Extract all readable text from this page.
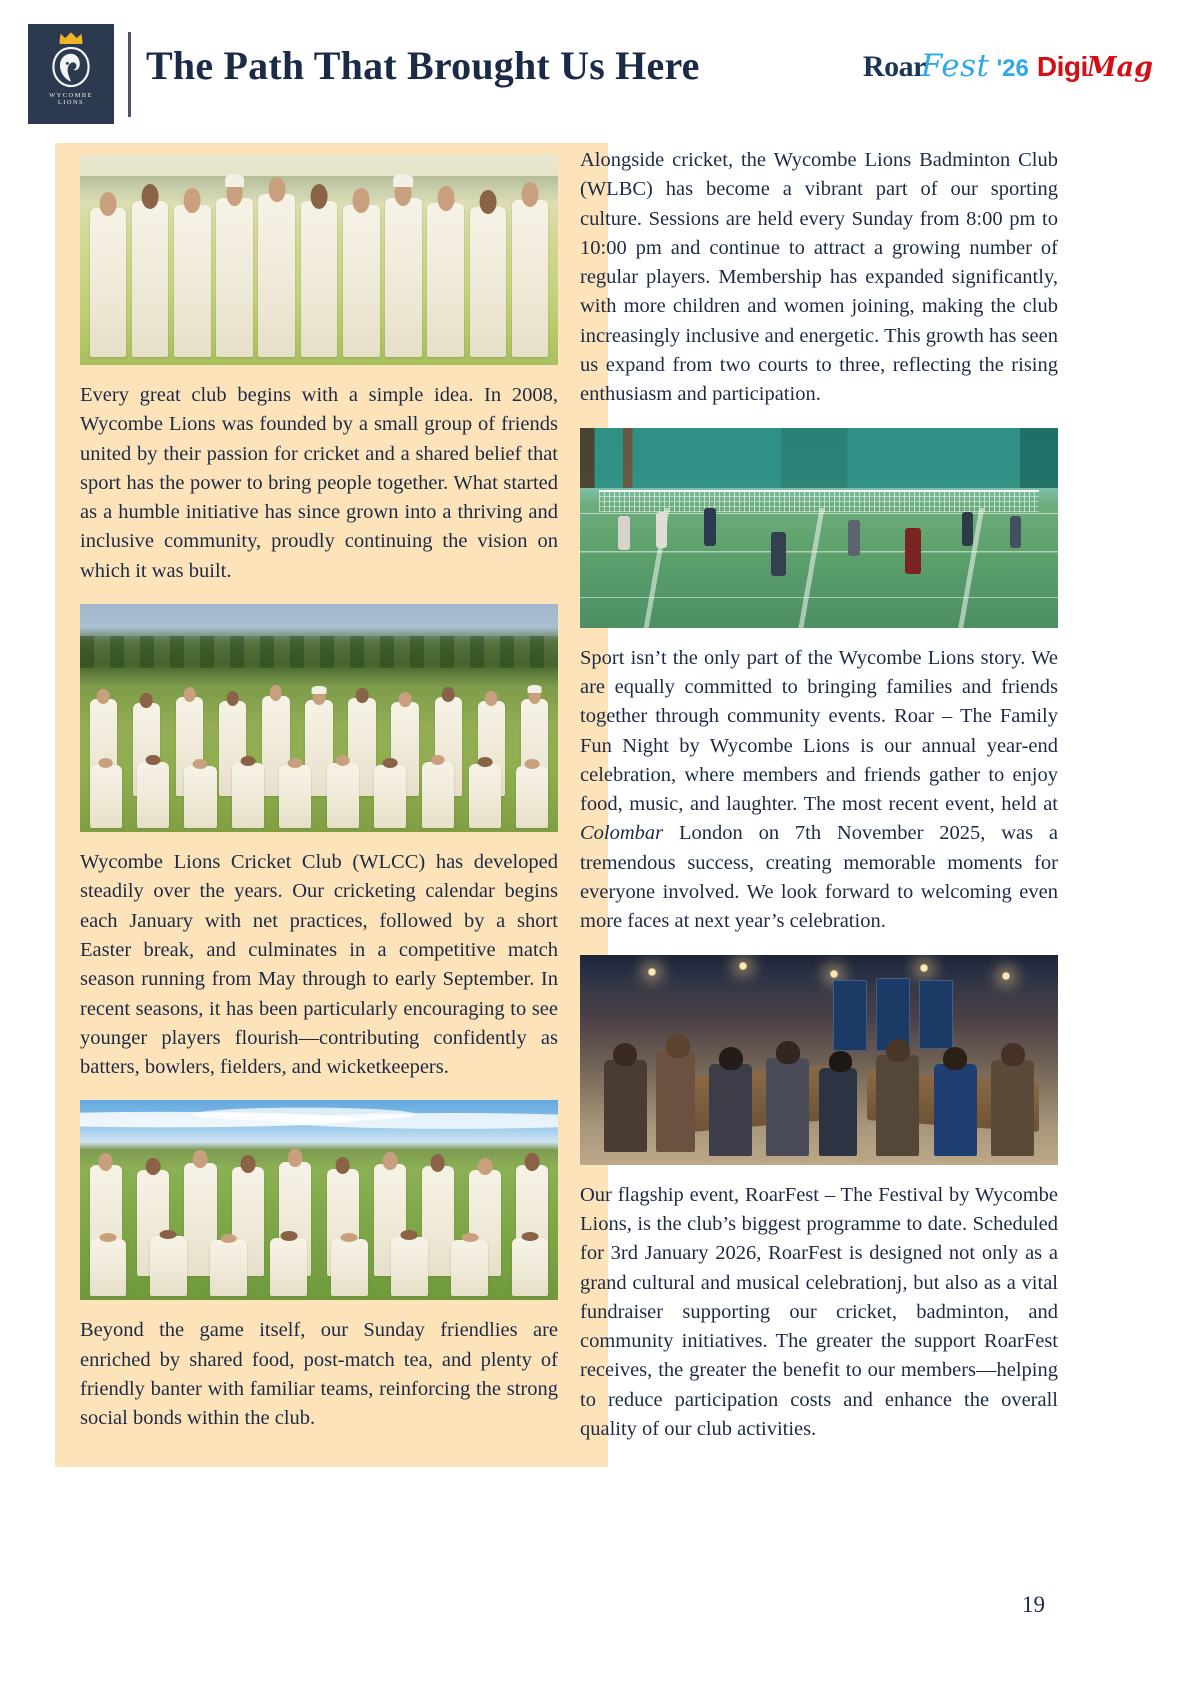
WYCOMBE
LIONS
The Path That Brought Us Here	Roar
Fest '26 Digi Mag

Every great club begins with a simple idea. In 2008, Wycombe Lions was founded by a small group of friends united by their passion for cricket and a shared belief that sport has the power to bring people together. What started as a humble initiative has since grown into a thriving and inclusive community, proudly continuing the vision on which it was built.

Wycombe Lions Cricket Club (WLCC) has developed steadily over the years. Our cricketing calendar begins each January with net practices, followed by a short Easter break, and culminates in a competitive match season running from May through to early September. In recent seasons, it has been particularly encouraging to see younger players flourish—contributing confidently as batters, bowlers, fielders, and wicketkeepers.

Beyond the game itself, our Sunday friendlies are enriched by shared food, post-match tea, and plenty of friendly banter with familiar teams, reinforcing the strong social bonds within the club.

Alongside cricket, the Wycombe Lions Badminton Club (WLBC) has become a vibrant part of our sporting culture. Sessions are held every Sunday from 8:00 pm to 10:00 pm and continue to attract a growing number of regular players. Membership has expanded significantly, with more children and women joining, making the club increasingly inclusive and energetic. This growth has seen us expand from two courts to three, reflecting the rising enthusiasm and participation.

Sport isn’t the only part of the Wycombe Lions story. We are equally committed to bringing families and friends together through community events. Roar – The Family Fun Night by Wycombe Lions is our annual year-end celebration, where members and friends gather to enjoy food, music, and laughter. The most recent event, held at Colombar London on 7th November 2025, was a tremendous success, creating memorable moments for everyone involved. We look forward to welcoming even more faces at next year’s celebration.

Our flagship event, RoarFest – The Festival by Wycombe Lions, is the club’s biggest programme to date. Scheduled for 3rd January 2026, RoarFest is designed not only as a grand cultural and musical celebrationj, but also as a vital fundraiser supporting our cricket, badminton, and community initiatives. The greater the support RoarFest receives, the greater the benefit to our members—helping to reduce participation costs and enhance the overall quality of our club activities.

19
